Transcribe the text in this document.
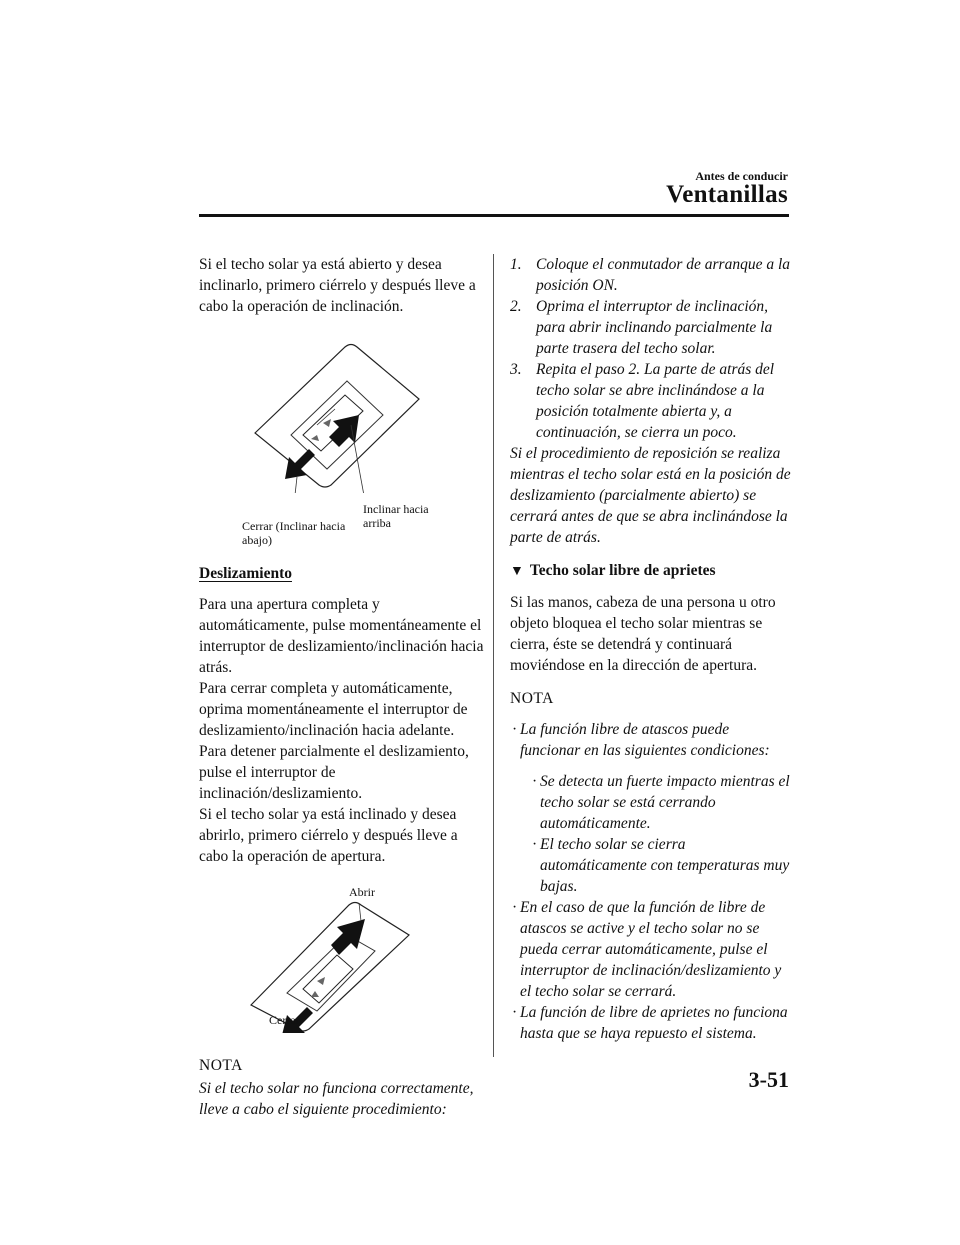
Antes de conducir
Ventanillas

Si el techo solar ya está abierto y desea inclinarlo, primero ciérrelo y después lleve a cabo la operación de inclinación.

Cerrar (Inclinar hacia abajo)
Inclinar hacia arriba

Deslizamiento

Para una apertura completa y automáticamente, pulse momentáneamente el interruptor de deslizamiento/inclinación hacia atrás.

Para cerrar completa y automáticamente, oprima momentáneamente el interruptor de deslizamiento/inclinación hacia adelante.

Para detener parcialmente el deslizamiento, pulse el interruptor de inclinación/deslizamiento.

Si el techo solar ya está inclinado y desea abrirlo, primero ciérrelo y después lleve a cabo la operación de apertura.

Abrir
Cerrar

NOTA

Si el techo solar no funciona correctamente, lleve a cabo el siguiente procedimiento:

1. Coloque el conmutador de arranque a la posición ON.
2. Oprima el interruptor de inclinación, para abrir inclinando parcialmente la parte trasera del techo solar.
3. Repita el paso 2. La parte de atrás del techo solar se abre inclinándose a la posición totalmente abierta y, a continuación, se cierra un poco.

Si el procedimiento de reposición se realiza mientras el techo solar está en la posición de deslizamiento (parcialmente abierto) se cerrará antes de que se abra inclinándose la parte de atrás.

▼ Techo solar libre de aprietes

Si las manos, cabeza de una persona u otro objeto bloquea el techo solar mientras se cierra, éste se detendrá y continuará moviéndose en la dirección de apertura.

NOTA

· La función libre de atascos puede funcionar en las siguientes condiciones:
· Se detecta un fuerte impacto mientras el techo solar se está cerrando automáticamente.
· El techo solar se cierra automáticamente con temperaturas muy bajas.
· En el caso de que la función de libre de atascos se active y el techo solar no se pueda cerrar automáticamente, pulse el interruptor de inclinación/deslizamiento y el techo solar se cerrará.
· La función de libre de aprietes no funciona hasta que se haya repuesto el sistema.
3-51
